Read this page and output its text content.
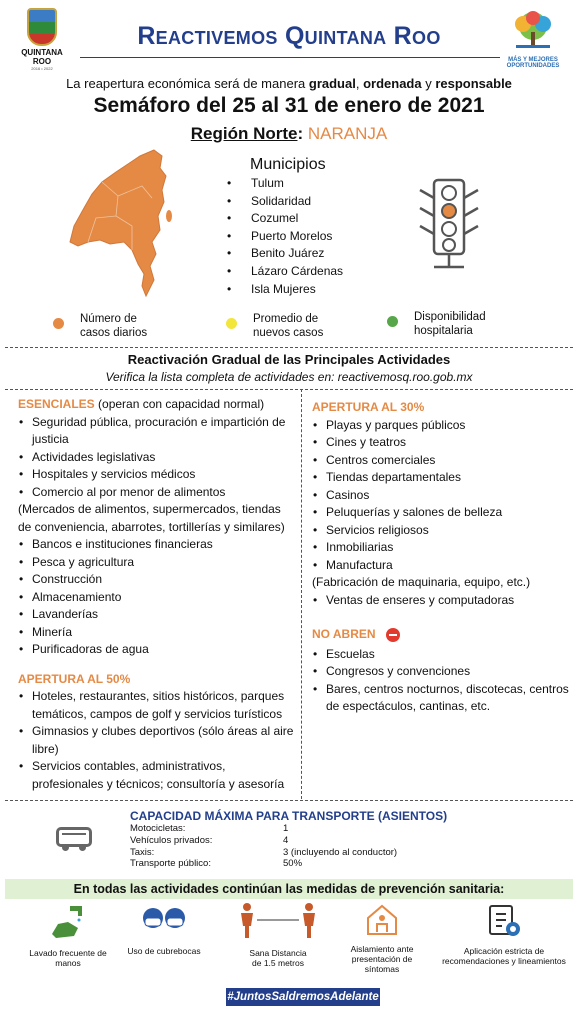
QUINTANA ROO
2016 • 2022
Reactivemos Quintana Roo
MÁS Y MEJORES
OPORTUNIDADES
La reapertura económica será de manera gradual, ordenada y responsable
Semáforo del 25 al 31 de enero de 2021
Región Norte: NARANJA
Municipios
• Tulum
• Solidaridad
• Cozumel
• Puerto Morelos
• Benito Juárez
• Lázaro Cárdenas
• Isla Mujeres
Número de
casos diarios
Promedio de
nuevos casos
Disponibilidad
hospitalaria
Reactivación Gradual de las Principales Actividades
Verifica la lista completa de actividades en: reactivemosq.roo.gob.mx
ESENCIALES (operan con capacidad normal)
• Seguridad pública, procuración e impartición de justicia
• Actividades legislativas
• Hospitales y servicios médicos
• Comercio al por menor de alimentos
(Mercados de alimentos, supermercados, tiendas de conveniencia, abarrotes, tortillerías y similares)
• Bancos e instituciones financieras
• Pesca y agricultura
• Construcción
• Almacenamiento
• Lavanderías
• Minería
• Purificadoras de agua
APERTURA AL 50%
• Hoteles, restaurantes, sitios históricos, parques temáticos, campos de golf y servicios turísticos
• Gimnasios y clubes deportivos (sólo áreas al aire libre)
• Servicios contables, administrativos, profesionales y técnicos; consultoría y asesoría
APERTURA AL 30%
• Playas y parques públicos
• Cines y teatros
• Centros comerciales
• Tiendas departamentales
• Casinos
• Peluquerías y salones de belleza
• Servicios religiosos
• Inmobiliarias
• Manufactura
(Fabricación de maquinaria, equipo, etc.)
• Ventas de enseres y computadoras
NO ABREN
• Escuelas
• Congresos y convenciones
• Bares, centros nocturnos, discotecas, centros de espectáculos, cantinas, etc.
CAPACIDAD MÁXIMA PARA TRANSPORTE (ASIENTOS)
Motocicletas:	1
Vehículos privados:	4
Taxis:	3 (incluyendo al conductor)
Transporte público:	50%
En todas las actividades continúan las medidas de prevención sanitaria:
Lavado frecuente de
manos
Uso de cubrebocas	Sana Distancia
de 1.5 metros
Aislamiento ante
presentación de
síntomas
Aplicación estricta de
recomendaciones y lineamientos
#JuntosSaldremosAdelante
